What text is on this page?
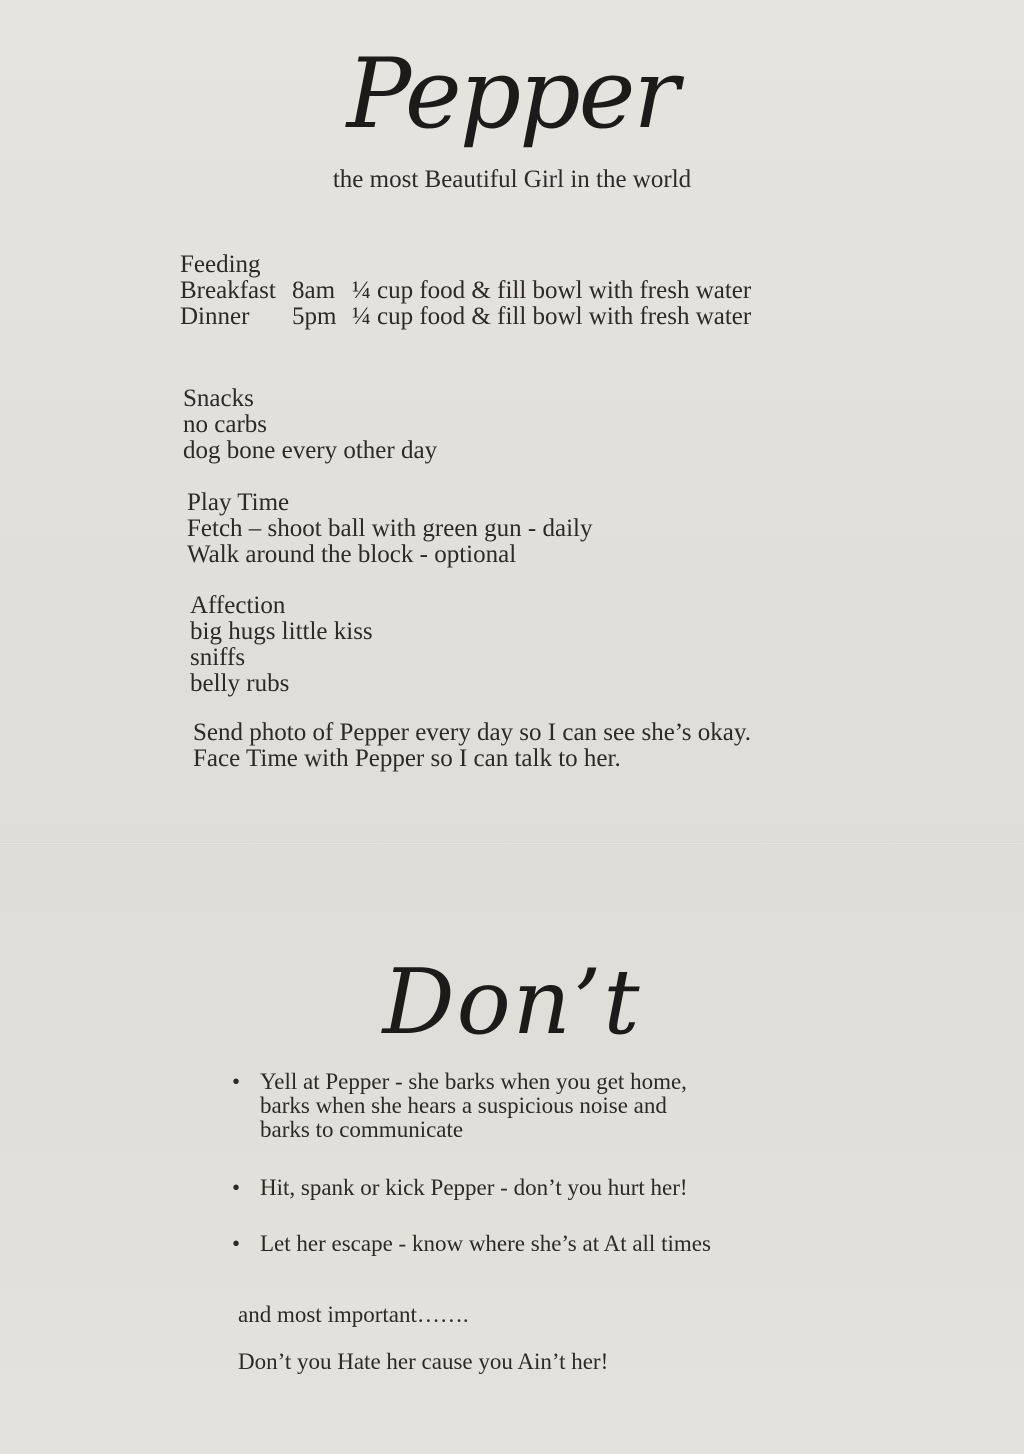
Pepper

the most Beautiful Girl in the world

Feeding

Breakfast 8am ¼ cup food & fill bowl with fresh water
Dinner	5pm ¼ cup food & fill bowl with fresh water

Snacks

no carbs

dog bone every other day

Play Time

Fetch – shoot ball with green gun - daily

Walk around the block - optional

Affection

big hugs little kiss

sniffs

belly rubs

Send photo of Pepper every day so I can see she’s okay.

Face Time with Pepper so I can talk to her.

Don’t
• Yell at Pepper - she barks when you get home,
barks when she hears a suspicious noise and
barks to communicate
• Hit, spank or kick Pepper - don’t you hurt her!
• Let her escape - know where she’s at At all times

and most important…….

Don’t you Hate her cause you Ain’t her!
